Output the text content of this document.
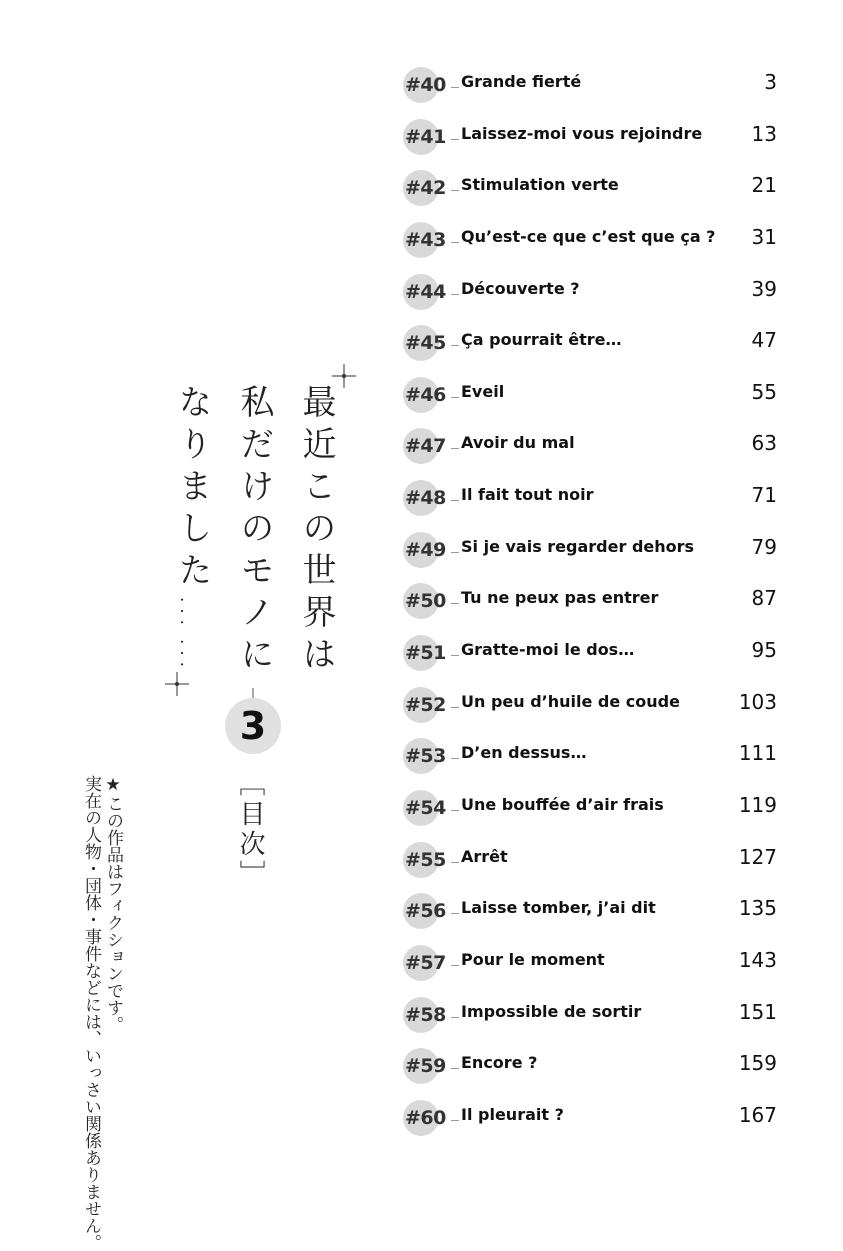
最近この世界は
私だけのモノに
なりました……
3
［目次］
★この作品はフィクションです。
実在の人物・団体・事件などには、いっさい関係ありません。
#40 Grande fierté	3
#41 Laissez-moi vous rejoindre 13
#42 Stimulation verte	21
#43 Qu’est-ce que c’est que ça ? 31
#44 Découverte ?	39
#45 Ça pourrait être…	47
#46 Eveil	55
#47 Avoir du mal	63
#48 Il fait tout noir	71
#49 Si je vais regarder dehors	79
#50 Tu ne peux pas entrer	87
#51 Gratte-moi le dos…	95
#52 Un peu d’huile de coude	103
#53 D’en dessus…	111
#54 Une bouffée d’air frais	119
#55 Arrêt	127
#56 Laisse tomber, j’ai dit	135
#57 Pour le moment	143
#58 Impossible de sortir	151
#59 Encore ?	159
#60 Il pleurait ?	167
